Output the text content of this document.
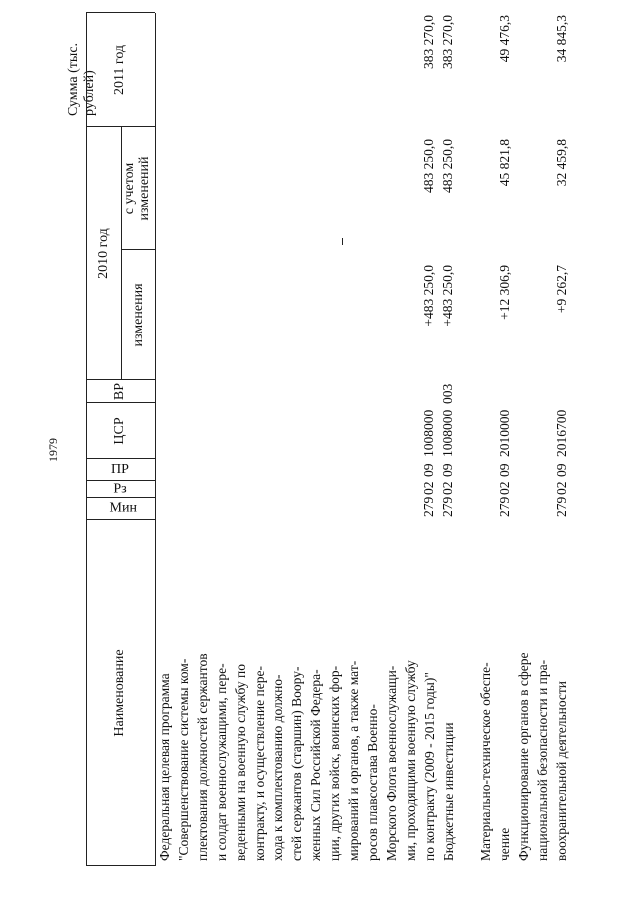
1979
Сумма (тыс. рублей)
Наименование
Мин
Рз
ПР
ЦСР
ВР
2010 год
изменения
с учетом изменений
2011 год

Федеральная целевая программа "Совершенствование системы ком- плектования должностей сержантов и солдат военнослужащими, пере- веденными на военную службу по контракту, и осуществление пере- хода к комплектованию должно- стей сержантов (старшин) Воору- женных Сил Российской Федера- ции, других войск, воинских фор- мирований и органов, а также мат- росов плавсостава Военно- Морского Флота военнослужащи- ми, проходящими военную службу по контракту (2009 - 2015 годы)" Бюджетные инвестиции Материально-техническое обеспе- чение Функционирование органов в сфере национальной безопасности и пра- воохранительной деятельности

279
02
09
1008000
+483 250,0
483 250,0
383 270,0
279
02
09
1008000
003
+483 250,0
483 250,0
383 270,0
279
02
09
2010000
+12 306,9
45 821,8
49 476,3
279
02
09
2016700
+9 262,7
32 459,8
34 845,3
